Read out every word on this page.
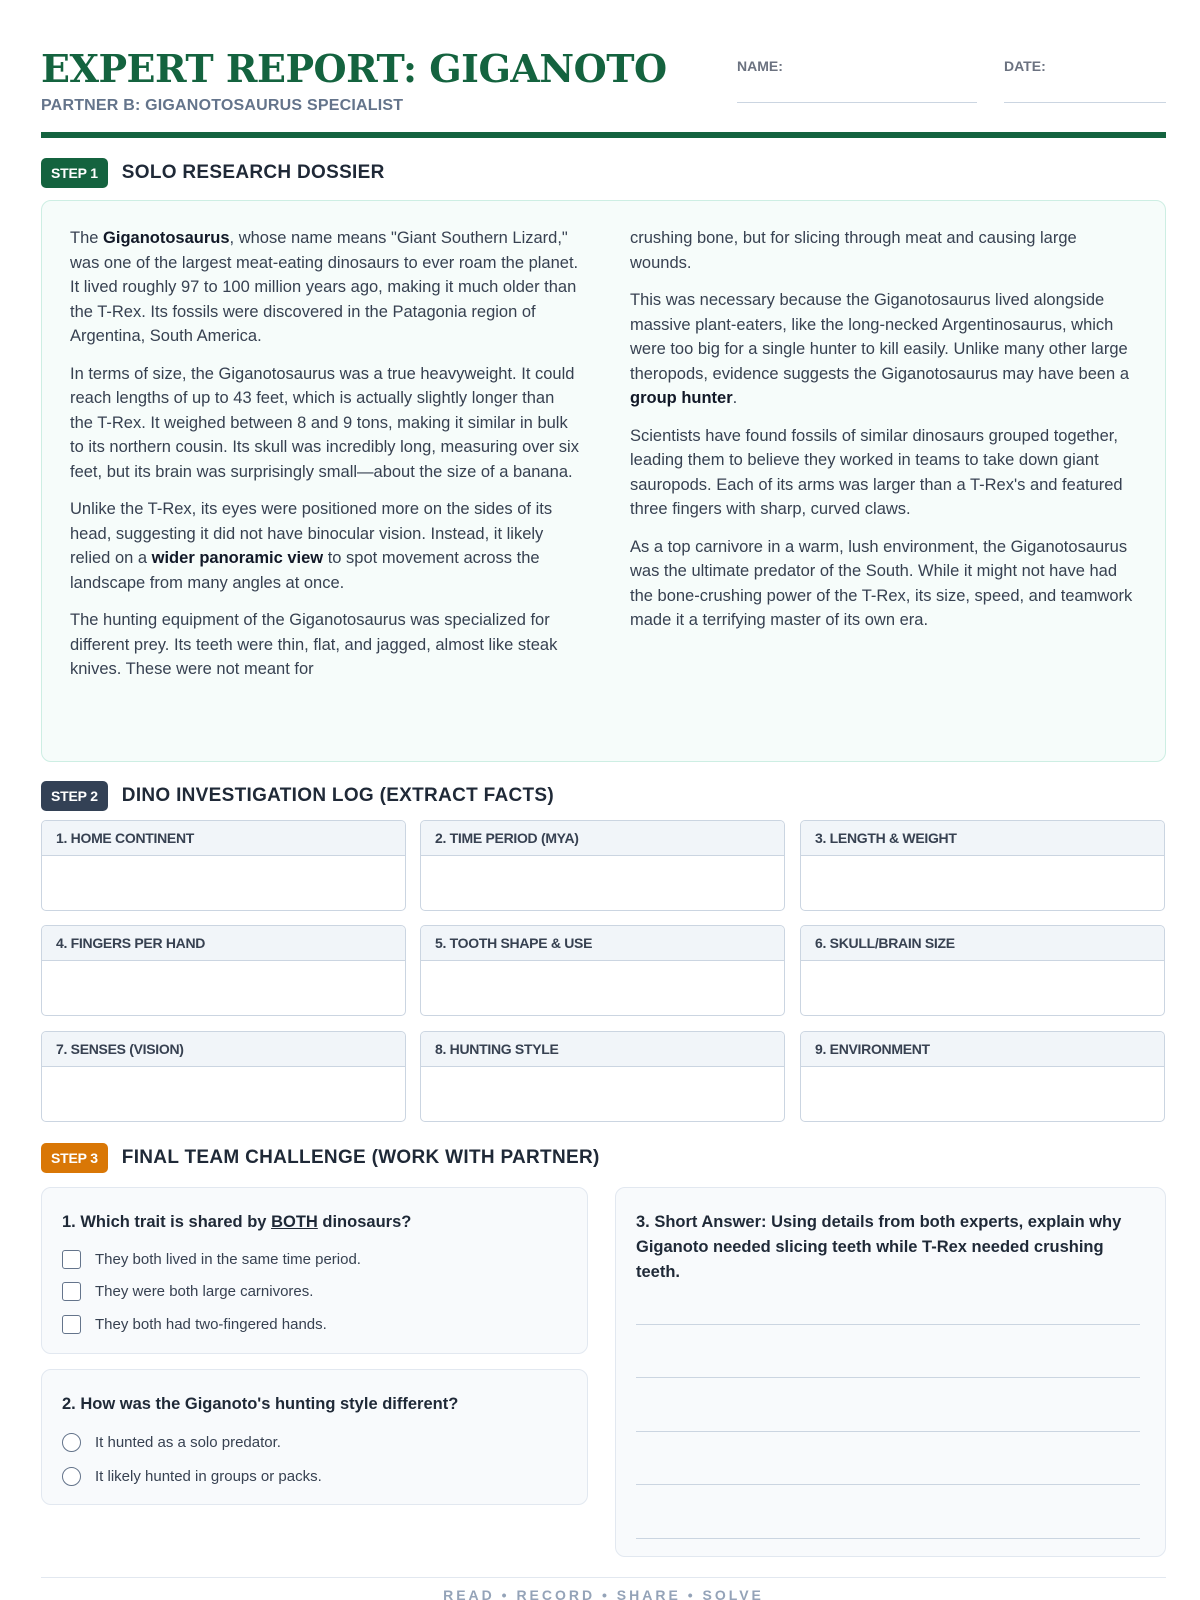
EXPERT REPORT: GIGANOTO
PARTNER B: GIGANOTOSAURUS SPECIALIST
NAME:	DATE:
STEP 1	SOLO RESEARCH DOSSIER

The Giganotosaurus, whose name means "Giant Southern Lizard," was one of the largest meat-eating dinosaurs to ever roam the planet. It lived roughly 97 to 100 million years ago, making it much older than the T-Rex. Its fossils were discovered in the Patagonia region of Argentina, South America.

In terms of size, the Giganotosaurus was a true heavyweight. It could reach lengths of up to 43 feet, which is actually slightly longer than the T-Rex. It weighed between 8 and 9 tons, making it similar in bulk to its northern cousin. Its skull was incredibly long, measuring over six feet, but its brain was surprisingly small—about the size of a banana.

Unlike the T-Rex, its eyes were positioned more on the sides of its head, suggesting it did not have binocular vision. Instead, it likely relied on a wider panoramic view to spot movement across the landscape from many angles at once.

The hunting equipment of the Giganotosaurus was specialized for different prey. Its teeth were thin, flat, and jagged, almost like steak knives. These were not meant for

crushing bone, but for slicing through meat and causing large wounds.

This was necessary because the Giganotosaurus lived alongside massive plant-eaters, like the long-necked Argentinosaurus, which were too big for a single hunter to kill easily. Unlike many other large theropods, evidence suggests the Giganotosaurus may have been a group hunter.

Scientists have found fossils of similar dinosaurs grouped together, leading them to believe they worked in teams to take down giant sauropods. Each of its arms was larger than a T-Rex's and featured three fingers with sharp, curved claws.

As a top carnivore in a warm, lush environment, the Giganotosaurus was the ultimate predator of the South. While it might not have had the bone-crushing power of the T-Rex, its size, speed, and teamwork made it a terrifying master of its own era.

STEP 2	DINO INVESTIGATION LOG (EXTRACT FACTS)
1. HOME CONTINENT	2. TIME PERIOD (MYA)	3. LENGTH & WEIGHT
4. FINGERS PER HAND	5. TOOTH SHAPE & USE	6. SKULL/BRAIN SIZE
7. SENSES (VISION)	8. HUNTING STYLE	9. ENVIRONMENT
STEP 3	FINAL TEAM CHALLENGE (WORK WITH PARTNER)
1. Which trait is shared by BOTH dinosaurs?
They both lived in the same time period.
They were both large carnivores.
They both had two-fingered hands.
2. How was the Giganoto's hunting style different?
It hunted as a solo predator.
It likely hunted in groups or packs.
3. Short Answer: Using details from both experts, explain why Giganoto needed slicing teeth while T-Rex needed crushing teeth.
READ • RECORD • SHARE • SOLVE
